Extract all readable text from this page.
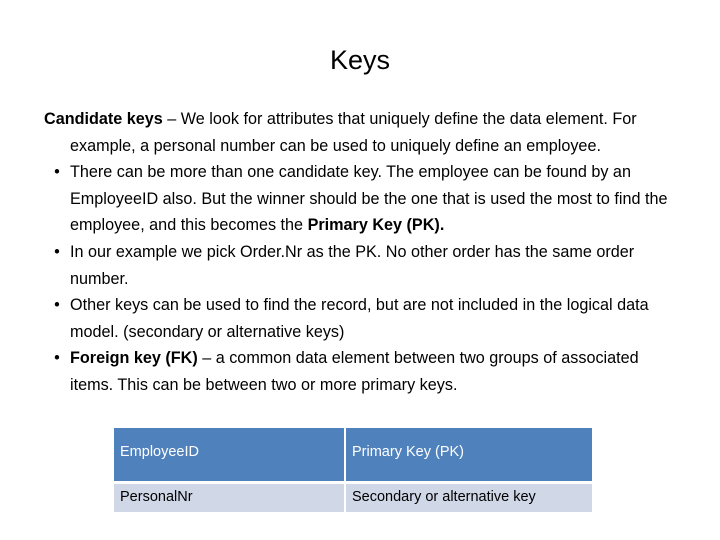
Keys

Candidate keys – We look for attributes that uniquely define the data element. For example, a personal number can be used to uniquely define an employee.

• There can be more than one candidate key. The employee can be found by an EmployeeID also. But the winner should be the one that is used the most to find the employee, and this becomes the Primary Key (PK).

• In our example we pick Order.Nr as the PK. No other order has the same order number.

• Other keys can be used to find the record, but are not included in the logical data model. (secondary or alternative keys)

• Foreign key (FK) – a common data element between two groups of associated items. This can be between two or more primary keys.

EmployeeID	Primary Key (PK)
PersonalNr	Secondary or alternative key
